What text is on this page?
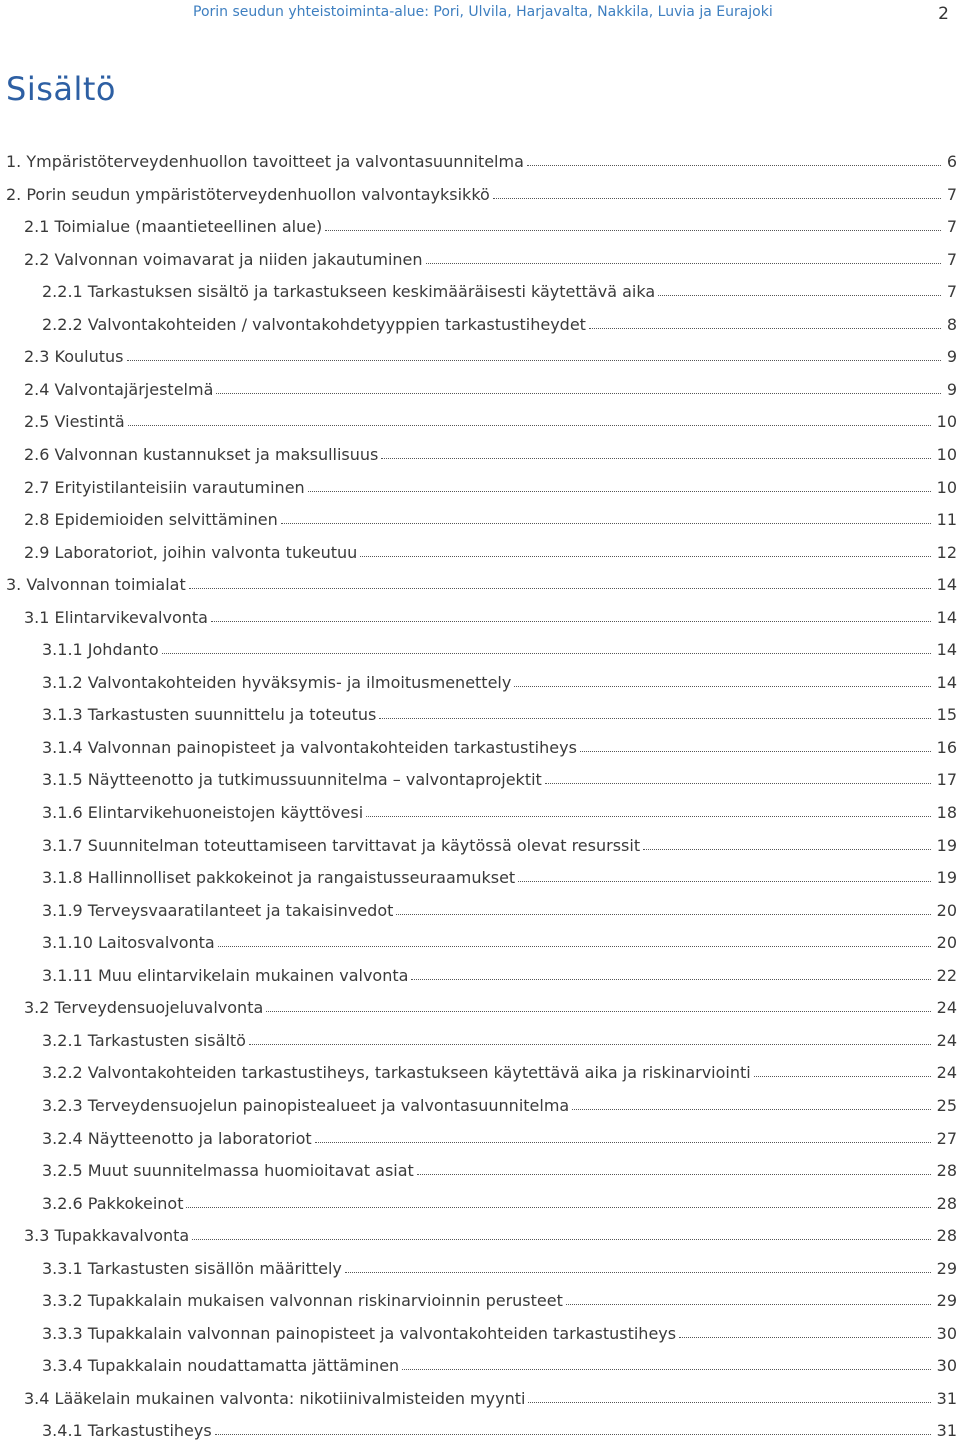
Porin seudun yhteistoiminta-alue: Pori, Ulvila, Harjavalta, Nakkila, Luvia ja Eurajoki	2
Sisältö
1. Ympäristöterveydenhuollon tavoitteet ja valvontasuunnitelma	6
2. Porin seudun ympäristöterveydenhuollon valvontayksikkö	7
2.1 Toimialue (maantieteellinen alue)	7
2.2 Valvonnan voimavarat ja niiden jakautuminen	7
2.2.1 Tarkastuksen sisältö ja tarkastukseen keskimääräisesti käytettävä aika	7
2.2.2 Valvontakohteiden / valvontakohdetyyppien tarkastustiheydet	8
2.3 Koulutus	9
2.4 Valvontajärjestelmä	9
2.5 Viestintä	10
2.6 Valvonnan kustannukset ja maksullisuus	10
2.7 Erityistilanteisiin varautuminen	10
2.8 Epidemioiden selvittäminen	11
2.9 Laboratoriot, joihin valvonta tukeutuu	12
3. Valvonnan toimialat	14
3.1 Elintarvikevalvonta	14
3.1.1 Johdanto	14
3.1.2 Valvontakohteiden hyväksymis- ja ilmoitusmenettely	14
3.1.3 Tarkastusten suunnittelu ja toteutus	15
3.1.4 Valvonnan painopisteet ja valvontakohteiden tarkastustiheys	16
3.1.5 Näytteenotto ja tutkimussuunnitelma – valvontaprojektit	17
3.1.6 Elintarvikehuoneistojen käyttövesi	18
3.1.7 Suunnitelman toteuttamiseen tarvittavat ja käytössä olevat resurssit	19
3.1.8 Hallinnolliset pakkokeinot ja rangaistusseuraamukset	19
3.1.9 Terveysvaaratilanteet ja takaisinvedot	20
3.1.10 Laitosvalvonta	20
3.1.11 Muu elintarvikelain mukainen valvonta	22
3.2 Terveydensuojeluvalvonta	24
3.2.1 Tarkastusten sisältö	24
3.2.2 Valvontakohteiden tarkastustiheys, tarkastukseen käytettävä aika ja riskinarviointi	24
3.2.3 Terveydensuojelun painopistealueet ja valvontasuunnitelma	25
3.2.4 Näytteenotto ja laboratoriot	27
3.2.5 Muut suunnitelmassa huomioitavat asiat	28
3.2.6 Pakkokeinot	28
3.3 Tupakkavalvonta	28
3.3.1 Tarkastusten sisällön määrittely	29
3.3.2 Tupakkalain mukaisen valvonnan riskinarvioinnin perusteet	29
3.3.3 Tupakkalain valvonnan painopisteet ja valvontakohteiden tarkastustiheys	30
3.3.4 Tupakkalain noudattamatta jättäminen	30
3.4 Lääkelain mukainen valvonta: nikotiinivalmisteiden myynti	31
3.4.1 Tarkastustiheys	31
